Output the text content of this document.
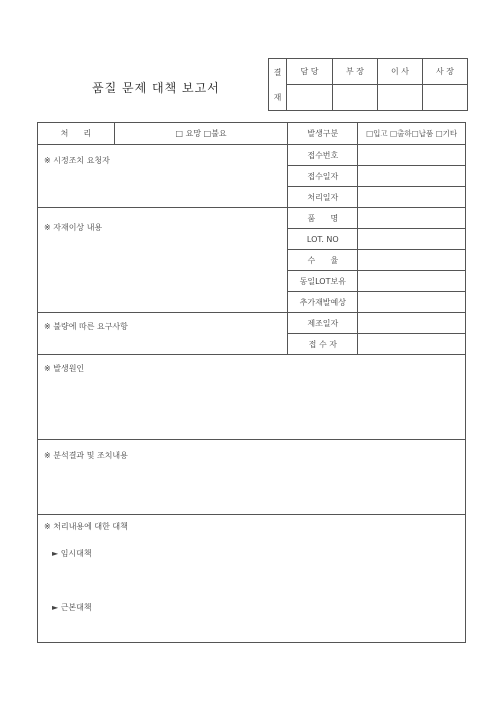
품질 문제 대책 보고서
결
재	담 당	부 장	이 사	사 장

처      리	□ 요망 □불요	발생구분	□입고 □출하□납품 □기타
※ 시정조치 요청자		접수번호	
		접수일자	
		처리일자	
※ 자재이상 내용		품      명	
		LOT. NO	
		수      율	
		동일LOT보유	
		추가재발예상	
※ 불량에 따른 요구사항		제조일자	
		접 수 자	
※ 발생원인			
※ 분석결과 및 조치내용			
※ 처리내용에 대한 대책
► 임시대책
► 근본대책			
